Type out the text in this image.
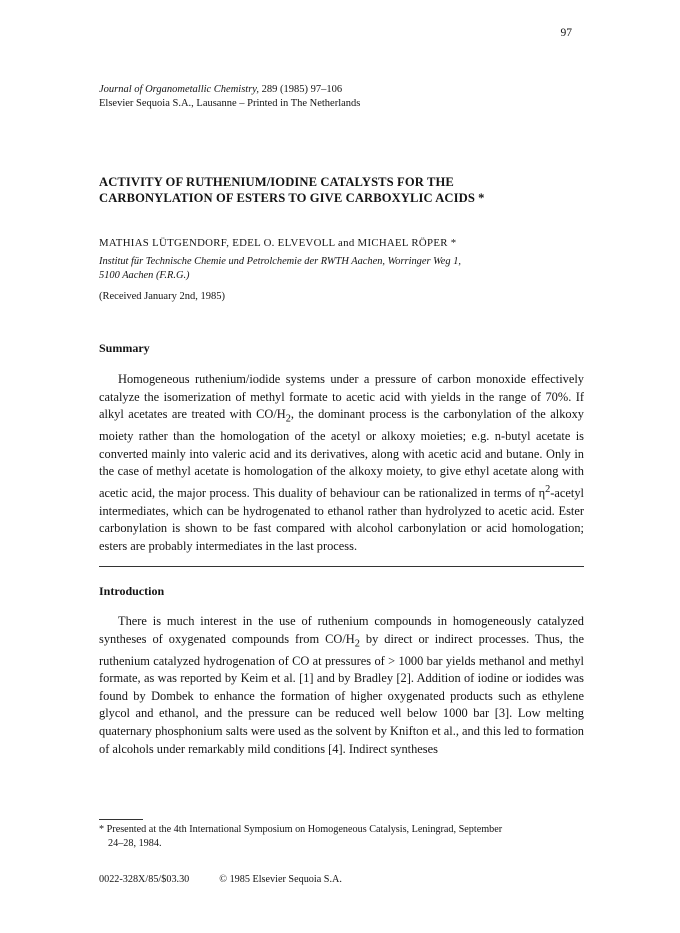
97
Journal of Organometallic Chemistry, 289 (1985) 97–106
Elsevier Sequoia S.A., Lausanne – Printed in The Netherlands
ACTIVITY OF RUTHENIUM/IODINE CATALYSTS FOR THE
CARBONYLATION OF ESTERS TO GIVE CARBOXYLIC ACIDS *
MATHIAS LÜTGENDORF, EDEL O. ELVEVOLL and MICHAEL RÖPER *
Institut für Technische Chemie und Petrolchemie der RWTH Aachen, Worringer Weg 1,
5100 Aachen (F.R.G.)
(Received January 2nd, 1985)
Summary

Homogeneous ruthenium/iodide systems under a pressure of carbon monoxide effectively catalyze the isomerization of methyl formate to acetic acid with yields in the range of 70%. If alkyl acetates are treated with $CO/H_2$, the dominant process is the carbonylation of the alkoxy moiety rather than the homologation of the acetyl or alkoxy moieties; e.g. n-butyl acetate is converted mainly into valeric acid and its derivatives, along with acetic acid and butane. Only in the case of methyl acetate is homologation of the alkoxy moiety, to give ethyl acetate along with acetic acid, the major process. This duality of behaviour can be rationalized in terms of $\eta^2$-acetyl intermediates, which can be hydrogenated to ethanol rather than hydrolyzed to acetic acid. Ester carbonylation is shown to be fast compared with alcohol carbonylation or acid homologation; esters are probably intermediates in the last process.

Introduction

There is much interest in the use of ruthenium compounds in homogeneously catalyzed syntheses of oxygenated compounds from $CO/H_2$ by direct or indirect processes. Thus, the ruthenium catalyzed hydrogenation of CO at pressures of > 1000 bar yields methanol and methyl formate, as was reported by Keim et al. [1] and by Bradley [2]. Addition of iodine or iodides was found by Dombek to enhance the formation of higher oxygenated products such as ethylene glycol and ethanol, and the pressure can be reduced well below 1000 bar [3]. Low melting quaternary phosphonium salts were used as the solvent by Knifton et al., and this led to formation of alcohols under remarkably mild conditions [4]. Indirect syntheses

* Presented at the 4th International Symposium on Homogeneous Catalysis, Leningrad, September
24–28, 1984.
0022-328X/85/$03.30	© 1985 Elsevier Sequoia S.A.
